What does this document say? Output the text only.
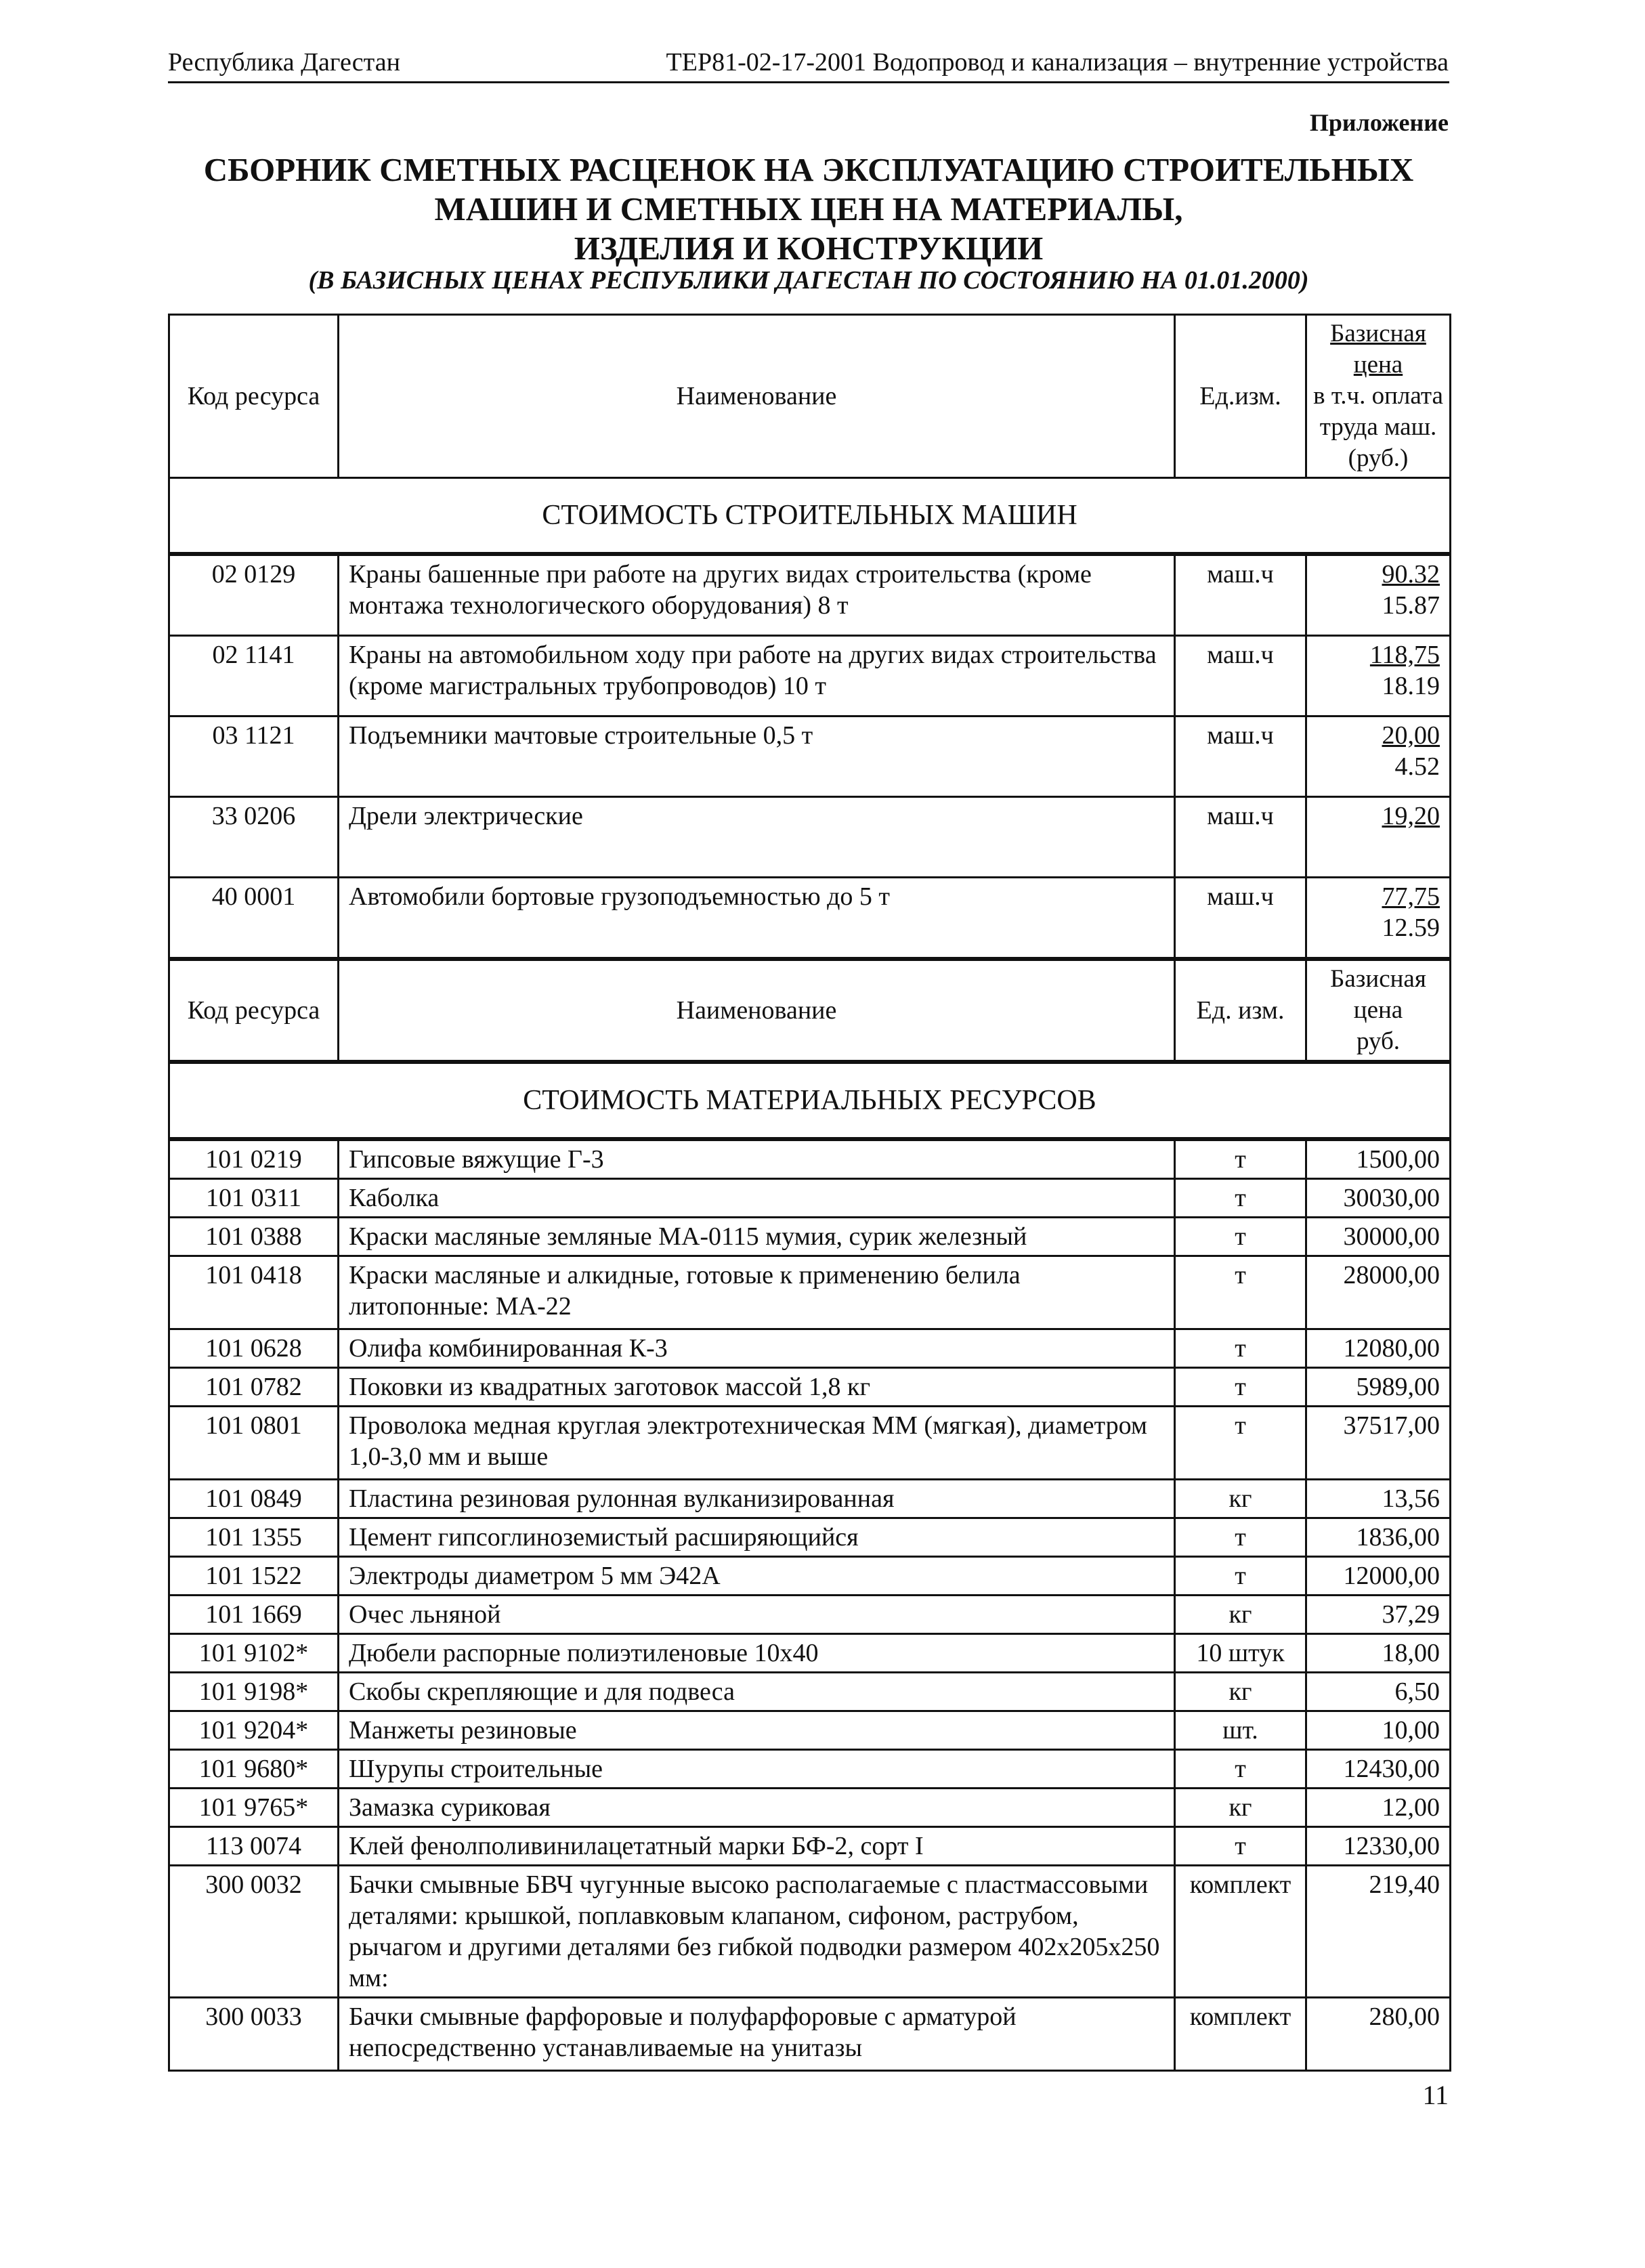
Республика Дагестан	ТЕР81-02-17-2001 Водопровод и канализация – внутренние устройства
Приложение
СБОРНИК СМЕТНЫХ РАСЦЕНОК НА ЭКСПЛУАТАЦИЮ СТРОИТЕЛЬНЫХ
МАШИН И СМЕТНЫХ ЦЕН НА МАТЕРИАЛЫ,
ИЗДЕЛИЯ И КОНСТРУКЦИИ
(В БАЗИСНЫХ ЦЕНАХ РЕСПУБЛИКИ ДАГЕСТАН ПО СОСТОЯНИЮ НА 01.01.2000)
Код ресурса	Наименование	Ед.изм.	Базисная цена
в т.ч. оплата
труда маш.
(руб.)

СТОИМОСТЬ СТРОИТЕЛЬНЫХ МАШИН			
02 0129	Краны башенные при работе на других видах строительства (кроме монтажа технологического оборудования) 8 т	маш.ч	90.32
15.87

02 1141	Краны на автомобильном ходу при работе на других видах строительства (кроме магистральных трубопроводов) 10 т	маш.ч	118,75
18.19

03 1121	Подъемники мачтовые строительные 0,5 т	маш.ч	20,00
4.52

33 0206	Дрели электрические	маш.ч	19,20

40 0001	Автомобили бортовые грузоподъемностью до 5 т	маш.ч	77,75
12.59

Код ресурса	Наименование	Ед. изм.	Базисная цена
руб.

СТОИМОСТЬ МАТЕРИАЛЬНЫХ РЕСУРСОВ			
101 0219	Гипсовые вяжущие Г-3	т	1500,00
101 0311	Каболка	т	30030,00
101 0388	Краски масляные земляные МА-0115 мумия, сурик железный	т	30000,00
101 0418	Краски масляные и алкидные, готовые к применению белила литопонные: МА-22	т	28000,00
101 0628	Олифа комбинированная К-3	т	12080,00
101 0782	Поковки из квадратных заготовок массой 1,8 кг	т	5989,00
101 0801	Проволока медная круглая электротехническая ММ (мягкая), диаметром 1,0-3,0 мм и выше	т	37517,00
101 0849	Пластина резиновая рулонная вулканизированная	кг	13,56
101 1355	Цемент гипсоглиноземистый расширяющийся	т	1836,00
101 1522	Электроды диаметром 5 мм Э42А	т	12000,00
101 1669	Очес льняной	кг	37,29
101 9102*	Дюбели распорные полиэтиленовые 10х40	10 штук	18,00
101 9198*	Скобы скрепляющие и для подвеса	кг	6,50
101 9204*	Манжеты резиновые	шт.	10,00
101 9680*	Шурупы строительные	т	12430,00
101 9765*	Замазка суриковая	кг	12,00
113 0074	Клей фенолполивинилацетатный марки БФ-2, сорт I	т	12330,00
300 0032	Бачки смывные БВЧ чугунные высоко располагаемые с пластмассовыми деталями: крышкой, поплавковым клапаном, сифоном, раструбом, рычагом и другими деталями без гибкой подводки размером 402х205х250 мм:	комплект	219,40
300 0033	Бачки смывные фарфоровые и полуфарфоровые с арматурой непосредственно устанавливаемые на унитазы	комплект	280,00
11
